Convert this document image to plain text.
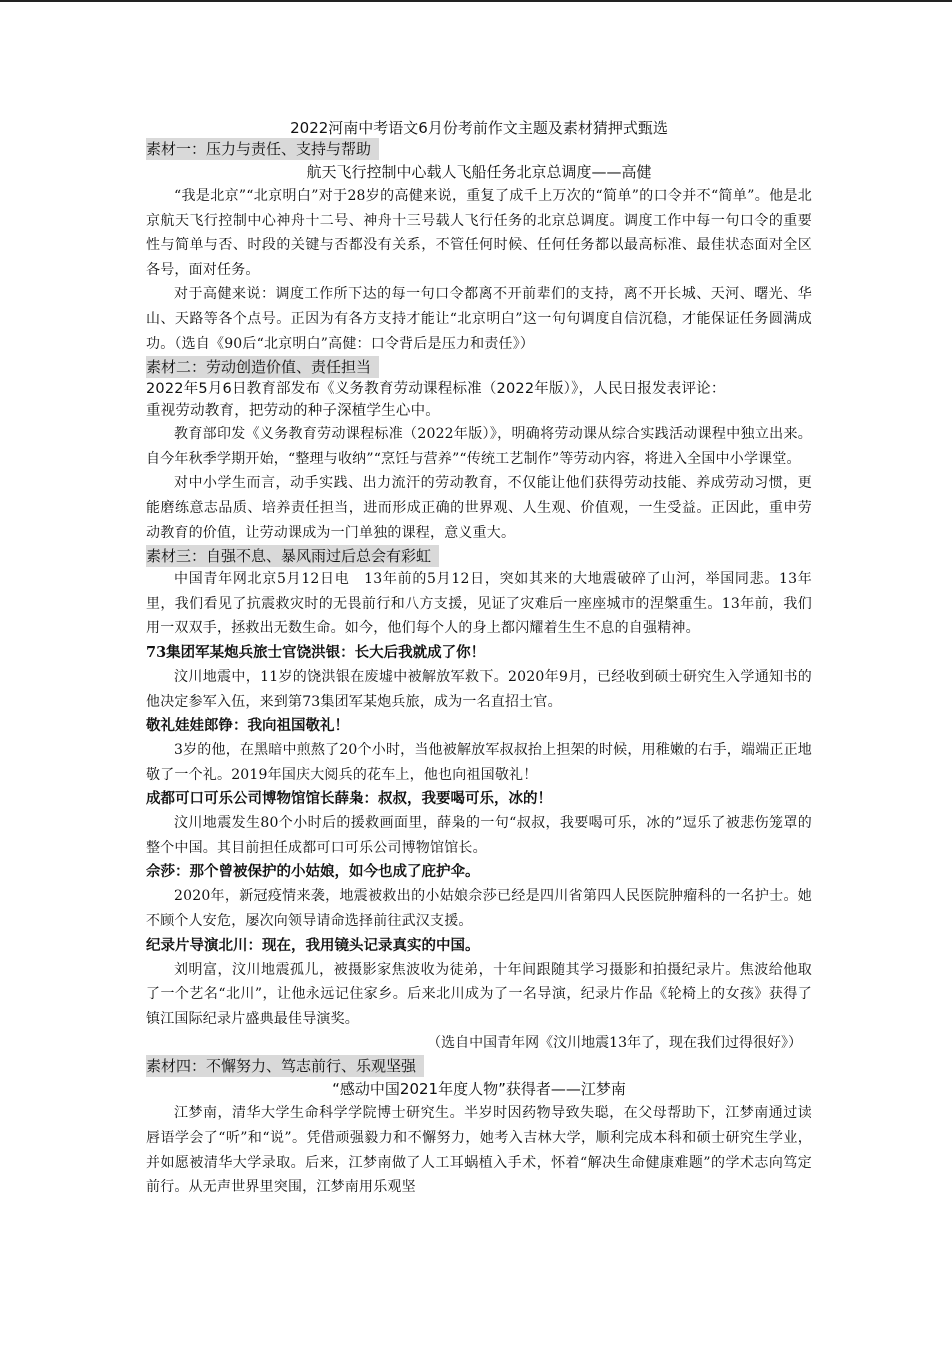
2022河南中考语文6月份考前作文主题及素材猜押式甄选

素材一：压力与责任、支持与帮助

航天飞行控制中心载人飞船任务北京总调度——高健

“我是北京”“北京明白”对于28岁的高健来说，重复了成千上万次的“简单”的口令并不“简单”。他是北京航天飞行控制中心神舟十二号、神舟十三号载人飞行任务的北京总调度。调度工作中每一句口令的重要性与简单与否、时段的关键与否都没有关系，不管任何时候、任何任务都以最高标准、最佳状态面对全区各号，面对任务。

对于高健来说：调度工作所下达的每一句口令都离不开前辈们的支持，离不开长城、天河、曙光、华山、天路等各个点号。正因为有各方支持才能让“北京明白”这一句句调度自信沉稳，才能保证任务圆满成功。（选自《90后“北京明白”高健：口令背后是压力和责任》）

素材二：劳动创造价值、责任担当

2022年5月6日教育部发布《义务教育劳动课程标准（2022年版）》，人民日报发表评论：

重视劳动教育，把劳动的种子深植学生心中。

教育部印发《义务教育劳动课程标准（2022年版）》，明确将劳动课从综合实践活动课程中独立出来。自今年秋季学期开始，“整理与收纳”“烹饪与营养”“传统工艺制作”等劳动内容，将进入全国中小学课堂。

对中小学生而言，动手实践、出力流汗的劳动教育，不仅能让他们获得劳动技能、养成劳动习惯，更能磨练意志品质、培养责任担当，进而形成正确的世界观、人生观、价值观，一生受益。正因此，重申劳动教育的价值，让劳动课成为一门单独的课程，意义重大。

素材三：自强不息、暴风雨过后总会有彩虹

中国青年网北京5月12日电　13年前的5月12日，突如其来的大地震破碎了山河，举国同悲。13年里，我们看见了抗震救灾时的无畏前行和八方支援，见证了灾难后一座座城市的涅槃重生。13年前，我们用一双双手，拯救出无数生命。如今，他们每个人的身上都闪耀着生生不息的自强精神。

73集团军某炮兵旅士官饶洪银：长大后我就成了你！

汶川地震中，11岁的饶洪银在废墟中被解放军救下。2020年9月，已经收到硕士研究生入学通知书的他决定参军入伍，来到第73集团军某炮兵旅，成为一名直招士官。

敬礼娃娃郎铮：我向祖国敬礼！

3岁的他，在黑暗中煎熬了20个小时，当他被解放军叔叔抬上担架的时候，用稚嫩的右手，端端正正地敬了一个礼。2019年国庆大阅兵的花车上，他也向祖国敬礼！

成都可口可乐公司博物馆馆长薛枭：叔叔，我要喝可乐，冰的！

汶川地震发生80个小时后的援救画面里，薛枭的一句“叔叔，我要喝可乐，冰的”逗乐了被悲伤笼罩的整个中国。其目前担任成都可口可乐公司博物馆馆长。

佘莎：那个曾被保护的小姑娘，如今也成了庇护伞。

2020年，新冠疫情来袭，地震被救出的小姑娘佘莎已经是四川省第四人民医院肿瘤科的一名护士。她不顾个人安危，屡次向领导请命选择前往武汉支援。

纪录片导演北川：现在，我用镜头记录真实的中国。

刘明富，汶川地震孤儿，被摄影家焦波收为徒弟，十年间跟随其学习摄影和拍摄纪录片。焦波给他取了一个艺名“北川”，让他永远记住家乡。后来北川成为了一名导演，纪录片作品《轮椅上的女孩》获得了镇江国际纪录片盛典最佳导演奖。

（选自中国青年网《汶川地震13年了，现在我们过得很好》）

素材四：不懈努力、笃志前行、乐观坚强

“感动中国2021年度人物”获得者——江梦南

江梦南，清华大学生命科学学院博士研究生。半岁时因药物导致失聪，在父母帮助下，江梦南通过读唇语学会了“听”和“说”。凭借顽强毅力和不懈努力，她考入吉林大学，顺利完成本科和硕士研究生学业，并如愿被清华大学录取。后来，江梦南做了人工耳蜗植入手术，怀着“解决生命健康难题”的学术志向笃定前行。从无声世界里突围，江梦南用乐观坚
